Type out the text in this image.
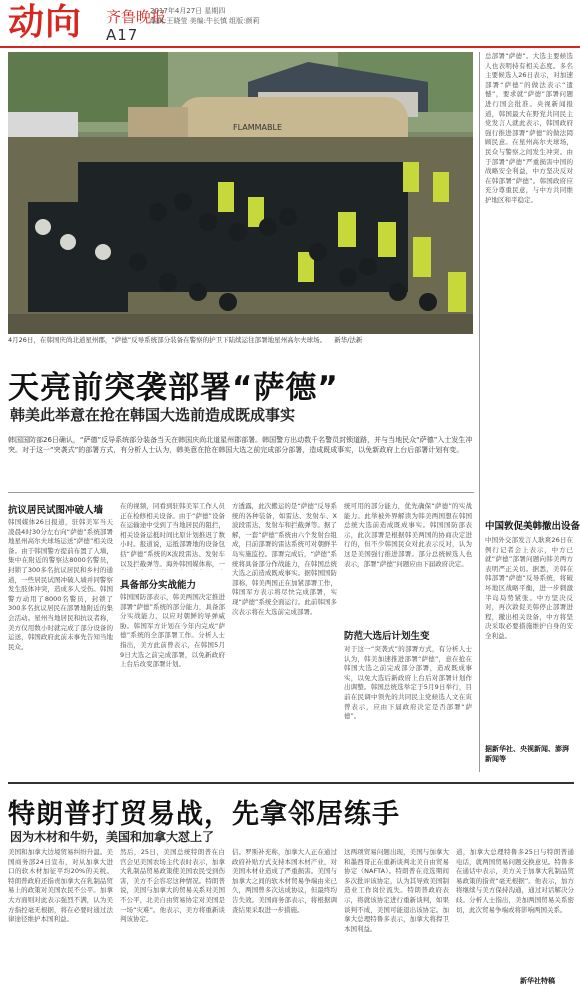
动向 齐鲁晚报
2017年4月27日 星期四
编辑:王晓莹 美编:牛长慎 组版:颜莉
A17
FLAMMABLE
4月26日，在韩国庆尚北道星州郡，“萨德”反导系统部分装备在警察的护卫下陆续运往部署地星州高尔夫球场。 新华/法新
天亮前突袭部署“萨德”
韩美此举意在抢在韩国大选前造成既成事实
韩国国防部26日确认，“萨德”反导系统部分装备当天在韩国庆尚北道星州郡部署。韩国警方出动数千名警员封锁道路，并与当地民众“萨德”入士发生冲突。对于这一“突袭式”的部署方式，有分析人士认为，韩美意在抢在韩国大选之前完成部分部署，造成既成事实，以免新政府上台后部署计划有变。
抗议居民试图冲破人墙
韩国媒体26日报道，驻韩美军当天凌晨4时30分左右向“萨德”系统部署地星州高尔夫球场运送“萨德”相关设备。由于韩国警方提前布置了人墙，集中在附近的警察达8000名警员，封锁了300多名抗议居民和乡村的通道，一些居民试图冲破人墙并同警察发生肢体冲突，造成多人受伤。韩国警方动用了8000名警员，封锁了300多名抗议居民在部署地附近的集会活动。星州当地居民和抗议者称，美方仅用数小时就完成了部分设备的运送，韩国政府此前未事先告知当地民众。
在的视频，同看到驻韩美军工作人员正在检修相关设备。由于“萨德”设备在运输途中受到了当地居民的阻拦，相关设备运抵时间比原计划推迟了数小时。报道说，运抵部署地的设备包括“萨德”系统的X波段雷达、发射车以及拦截弹等。海外韩国媒体称，一
具备部分实战能力
韩国国防部表示，韩美两国决定推进部署“萨德”系统的部分能力，具备部分实战能力，以应对朝鲜的导弹威胁。韩国军方计划在今年内完成“萨德”系统的全部部署工作。分析人士指出，美方此前曾表示，在韩国5月9日大选之前完成部署，以免新政府上台后改变部署计划。
方透露，此次搬运的是“萨德”反导系统的各种装备，如雷达、发射车、X波段雷达、发射车和拦截弹等。据了解，一套“萨德”系统由六个发射台组成，目前部署的雷达系统可对朝鲜半岛实施监控。部署完成后，“萨德”系统将具备部分作战能力，在韩国总统大选之前造成既成事实。据韩国国防部称，韩美两国正在加紧部署工作，韩国军方表示将尽快完成部署，实现“萨德”系统全面运行。此前韩国多次表示将在大选前完成部署。
统可用的部分能力，优先确保“萨德”的实战能力。此举被外界解读为韩美两国想在韩国总统大选前造成既成事实。韩国国防部表示，此次部署是根据韩美两国的协商决定进行的，但不少韩国民众对此表示反对，认为这是美国强行推进部署。部分总统候选人也表示，部署“萨德”问题应由下届政府决定。
防范大选后计划生变
对于这一“突袭式”的部署方式，有分析人士认为，韩美加速推进部署“萨德”，意在抢在韩国大选之前完成部分部署，造成既成事实，以免大选后新政府上台后对部署计划作出调整。韩国总统选举定于5月9日举行，目前在民调中领先的共同民主党候选人文在寅曾表示，应由下届政府决定是否部署“萨德”。
总部署“萨德”。大选主要候选人也表明持有相关态度。多名主要候选人26日表示，对加速部署“萨德”的做法表示“遗憾”，要求就“萨德”部署问题进行国会批准。央视新闻报道，韩国最大在野党共同民主党发言人就此表示，韩国政府强行推进部署“萨德”的做法罔顾民意。在星州高尔夫球场，民众与警察之间发生冲突。由于部署“萨德”严重损害中国的战略安全利益，中方坚决反对在韩部署“萨德”。韩国政府应充分尊重民意，与中方共同维护地区和平稳定。
中国敦促美韩撤出设备
中国外交部发言人耿爽26日在例行记者会上表示，中方已就“萨德”部署问题向韩美两方表明严正关切。据悉，美韩在韩部署“萨德”反导系统，将破坏地区战略平衡，进一步刺激半岛局势紧张。中方坚决反对，再次敦促美韩停止部署进程，撤出相关设备，中方将坚决采取必要措施维护自身的安全利益。
据新华社、央视新闻、澎湃新闻等
特朗普打贸易战，先拿邻居练手
因为木材和牛奶，美国和加拿大怼上了
美国和加拿大边境贸易纠纷升温。美国商务部24日宣布，对从加拿大进口的软木材加征平均20%的关税。特朗普政府还指责加拿大在乳制品贸易上的政策对美国农民不公平。加拿大方面则对此表示强烈不满，认为美方指控毫无根据，将在必要时通过法律途径维护本国利益。
然后，25日，美国总统特朗普在白宫会见美国农场主代表时表示，加拿大乳制品贸易政策使美国农民受到伤害，美方不会容忍这种情况。特朗普说，美国与加拿大的贸易关系对美国不公平，北美自由贸易协定对美国是一场“灾难”。他表示，美方将重新谈判该协定。
信。罗斯补充称，加拿大人正在通过政府补贴方式支持本国木材产业，对美国木材业造成了严重损害。美国与加拿大之间的软木材贸易争端由来已久，两国曾多次达成协议，但最终均告失效。美国商务部表示，将根据调查结果采取进一步措施。
这两项贸易问题出现，美国与加拿大和墨西哥正在重新谈判北美自由贸易协定（NAFTA）。特朗普在竞选期间多次批评该协定，认为其导致美国制造业工作岗位流失。特朗普政府表示，将就该协定进行重新谈判，如果谈判不成，美国可能退出该协定。加拿大总理特鲁多表示，加拿大将捍卫本国利益。
道，加拿大总理特鲁多25日与特朗普通电话，就两国贸易问题交换意见。特鲁多在通话中表示，美方关于加拿大乳制品贸易政策的指责“毫无根据”。他表示，加方将继续与美方保持沟通，通过对话解决分歧。分析人士指出，美加两国贸易关系密切，此次贸易争端或将影响两国关系。
新华社特稿
